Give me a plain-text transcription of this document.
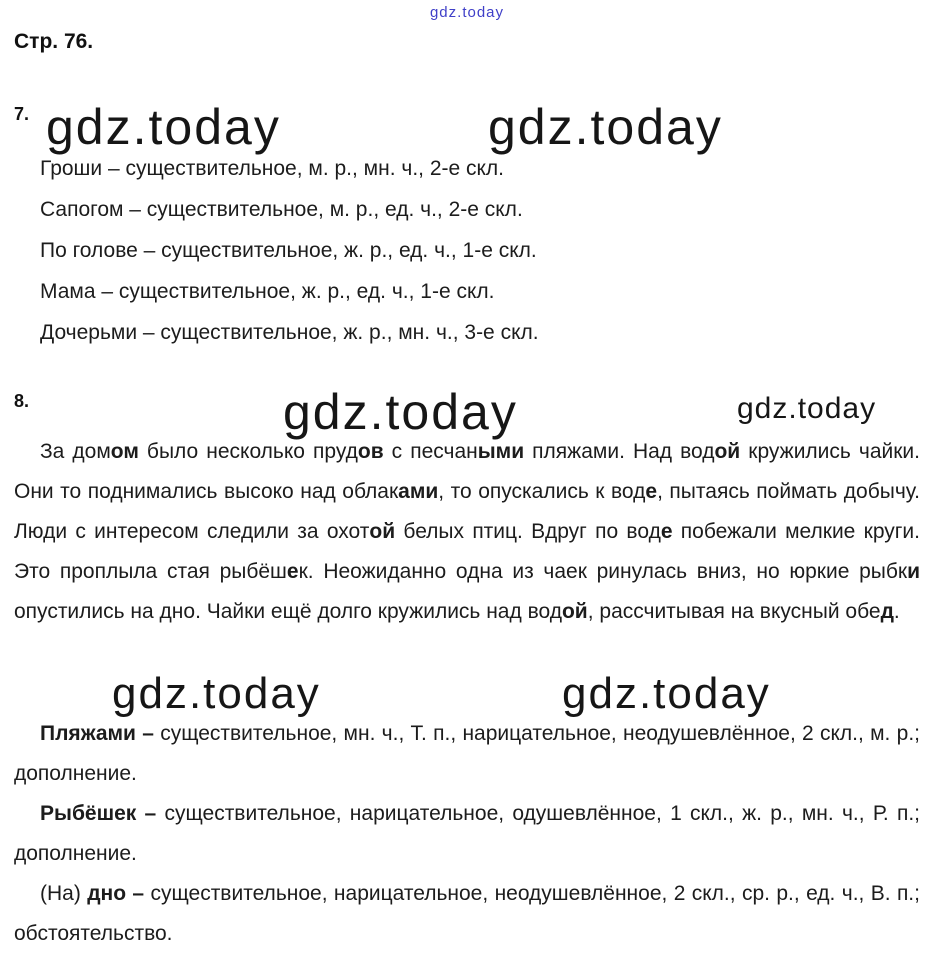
gdz.today
Стр. 76.
7. gdz.today	gdz.today
Гроши – существительное, м. р., мн. ч., 2-е скл.
Сапогом – существительное, м. р., ед. ч., 2-е скл.
По голове – существительное, ж. р., ед. ч., 1-е скл.
Мама – существительное, ж. р., ед. ч., 1-е скл.
Дочерьми – существительное, ж. р., мн. ч., 3-е скл.
8.	gdz.today	gdz.today
За домом было несколько прудов с песчаными пляжами. Над водой кружились чайки. Они то поднимались высоко над облаками, то опускались к воде, пытаясь поймать добычу. Люди с интересом следили за охотой белых птиц. Вдруг по воде побежали мелкие круги. Это проплыла стая рыбёшек. Неожиданно одна из чаек ринулась вниз, но юркие рыбки опустились на дно. Чайки ещё долго кружились над водой, рассчитывая на вкусный обед.
gdz.today	gdz.today

Пляжами – существительное, мн. ч., Т. п., нарицательное, неодушевлённое, 2 скл., м. р.; дополнение.

Рыбёшек – существительное, нарицательное, одушевлённое, 1 скл., ж. р., мн. ч., Р. п.; дополнение.

(На) дно – существительное, нарицательное, неодушевлённое, 2 скл., ср. р., ед. ч., В. п.; обстоятельство.
